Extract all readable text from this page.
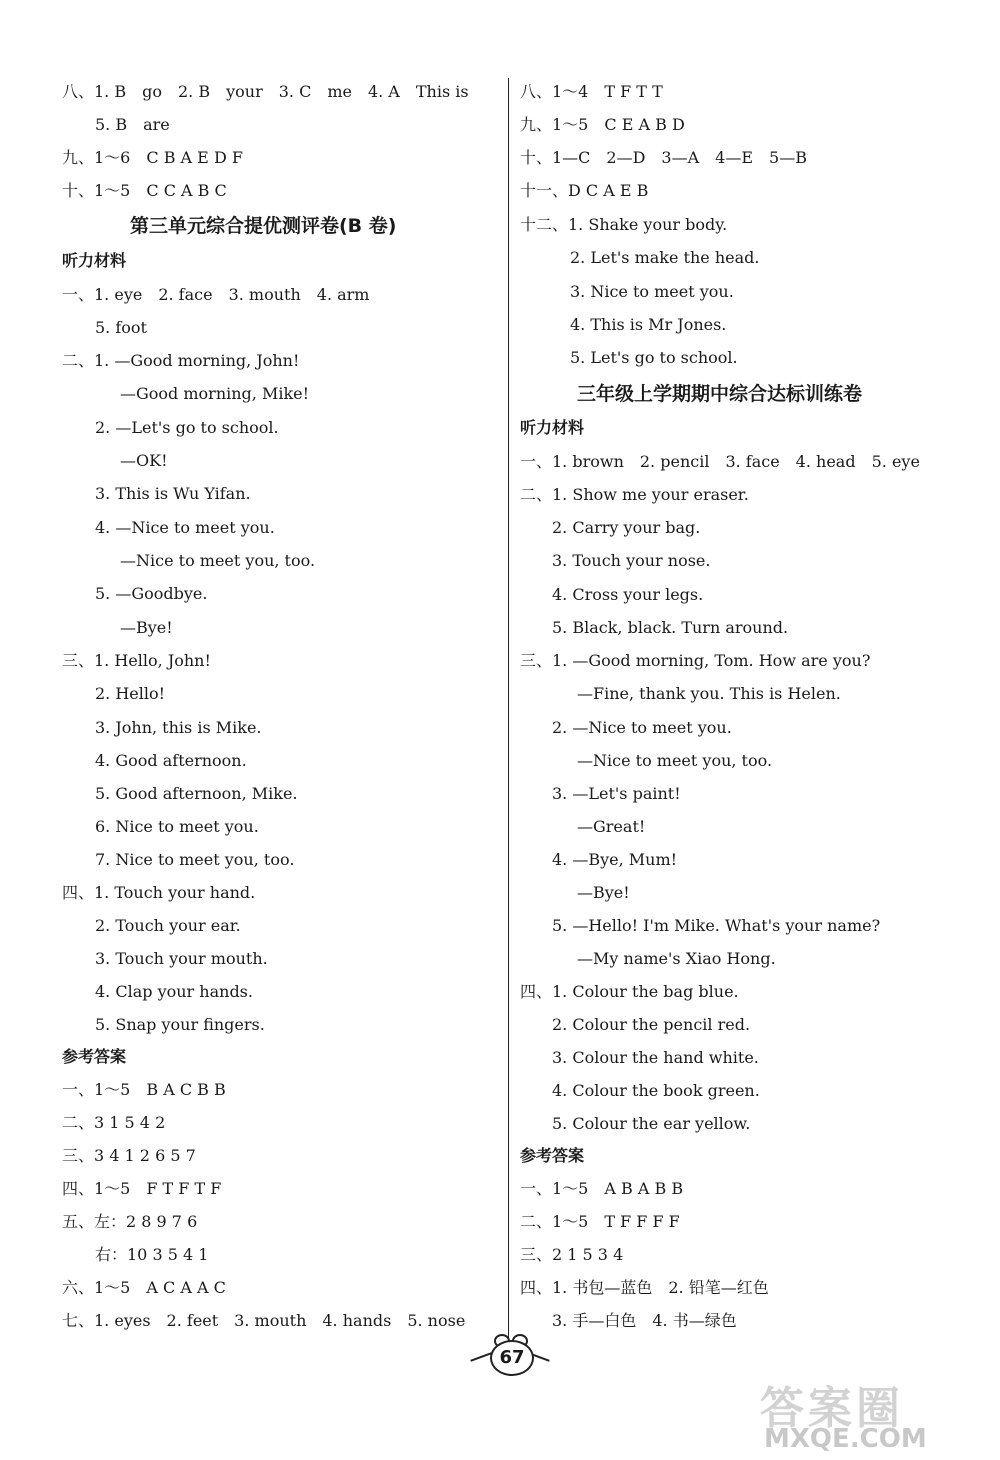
八、1. B　go　2. B　your　3. C　me　4. A　This is
5. B　are
九、1～6　C B A E D F
十、1～5　C C A B C
第三单元综合提优测评卷(B 卷)
听力材料
一、1. eye　2. face　3. mouth　4. arm
5. foot
二、1. —Good morning, John!
—Good morning, Mike!
2. —Let's go to school.
—OK!
3. This is Wu Yifan.
4. —Nice to meet you.
—Nice to meet you, too.
5. —Goodbye.
—Bye!
三、1. Hello, John!
2. Hello!
3. John, this is Mike.
4. Good afternoon.
5. Good afternoon, Mike.
6. Nice to meet you.
7. Nice to meet you, too.
四、1. Touch your hand.
2. Touch your ear.
3. Touch your mouth.
4. Clap your hands.
5. Snap your fingers.
参考答案
一、1～5　B A C B B
二、3 1 5 4 2
三、3 4 1 2 6 5 7
四、1～5　F T F T F
五、左：2 8 9 7 6
右：10 3 5 4 1
六、1～5　A C A A C
七、1. eyes　2. feet　3. mouth　4. hands　5. nose
八、1～4　T F T T
九、1～5　C E A B D
十、1—C　2—D　3—A　4—E　5—B
十一、D C A E B
十二、1. Shake your body.
2. Let's make the head.
3. Nice to meet you.
4. This is Mr Jones.
5. Let's go to school.
三年级上学期期中综合达标训练卷
听力材料
一、1. brown　2. pencil　3. face　4. head　5. eye
二、1. Show me your eraser.
2. Carry your bag.
3. Touch your nose.
4. Cross your legs.
5. Black, black. Turn around.
三、1. —Good morning, Tom. How are you?
—Fine, thank you. This is Helen.
2. —Nice to meet you.
—Nice to meet you, too.
3. —Let's paint!
—Great!
4. —Bye, Mum!
—Bye!
5. —Hello! I'm Mike. What's your name?
—My name's Xiao Hong.
四、1. Colour the bag blue.
2. Colour the pencil red.
3. Colour the hand white.
4. Colour the book green.
5. Colour the ear yellow.
参考答案
一、1～5　A B A B B
二、1～5　T F F F F
三、2 1 5 3 4
四、1. 书包—蓝色　2. 铅笔—红色
3. 手—白色　4. 书—绿色
67
答案圈
MXQE.COM
